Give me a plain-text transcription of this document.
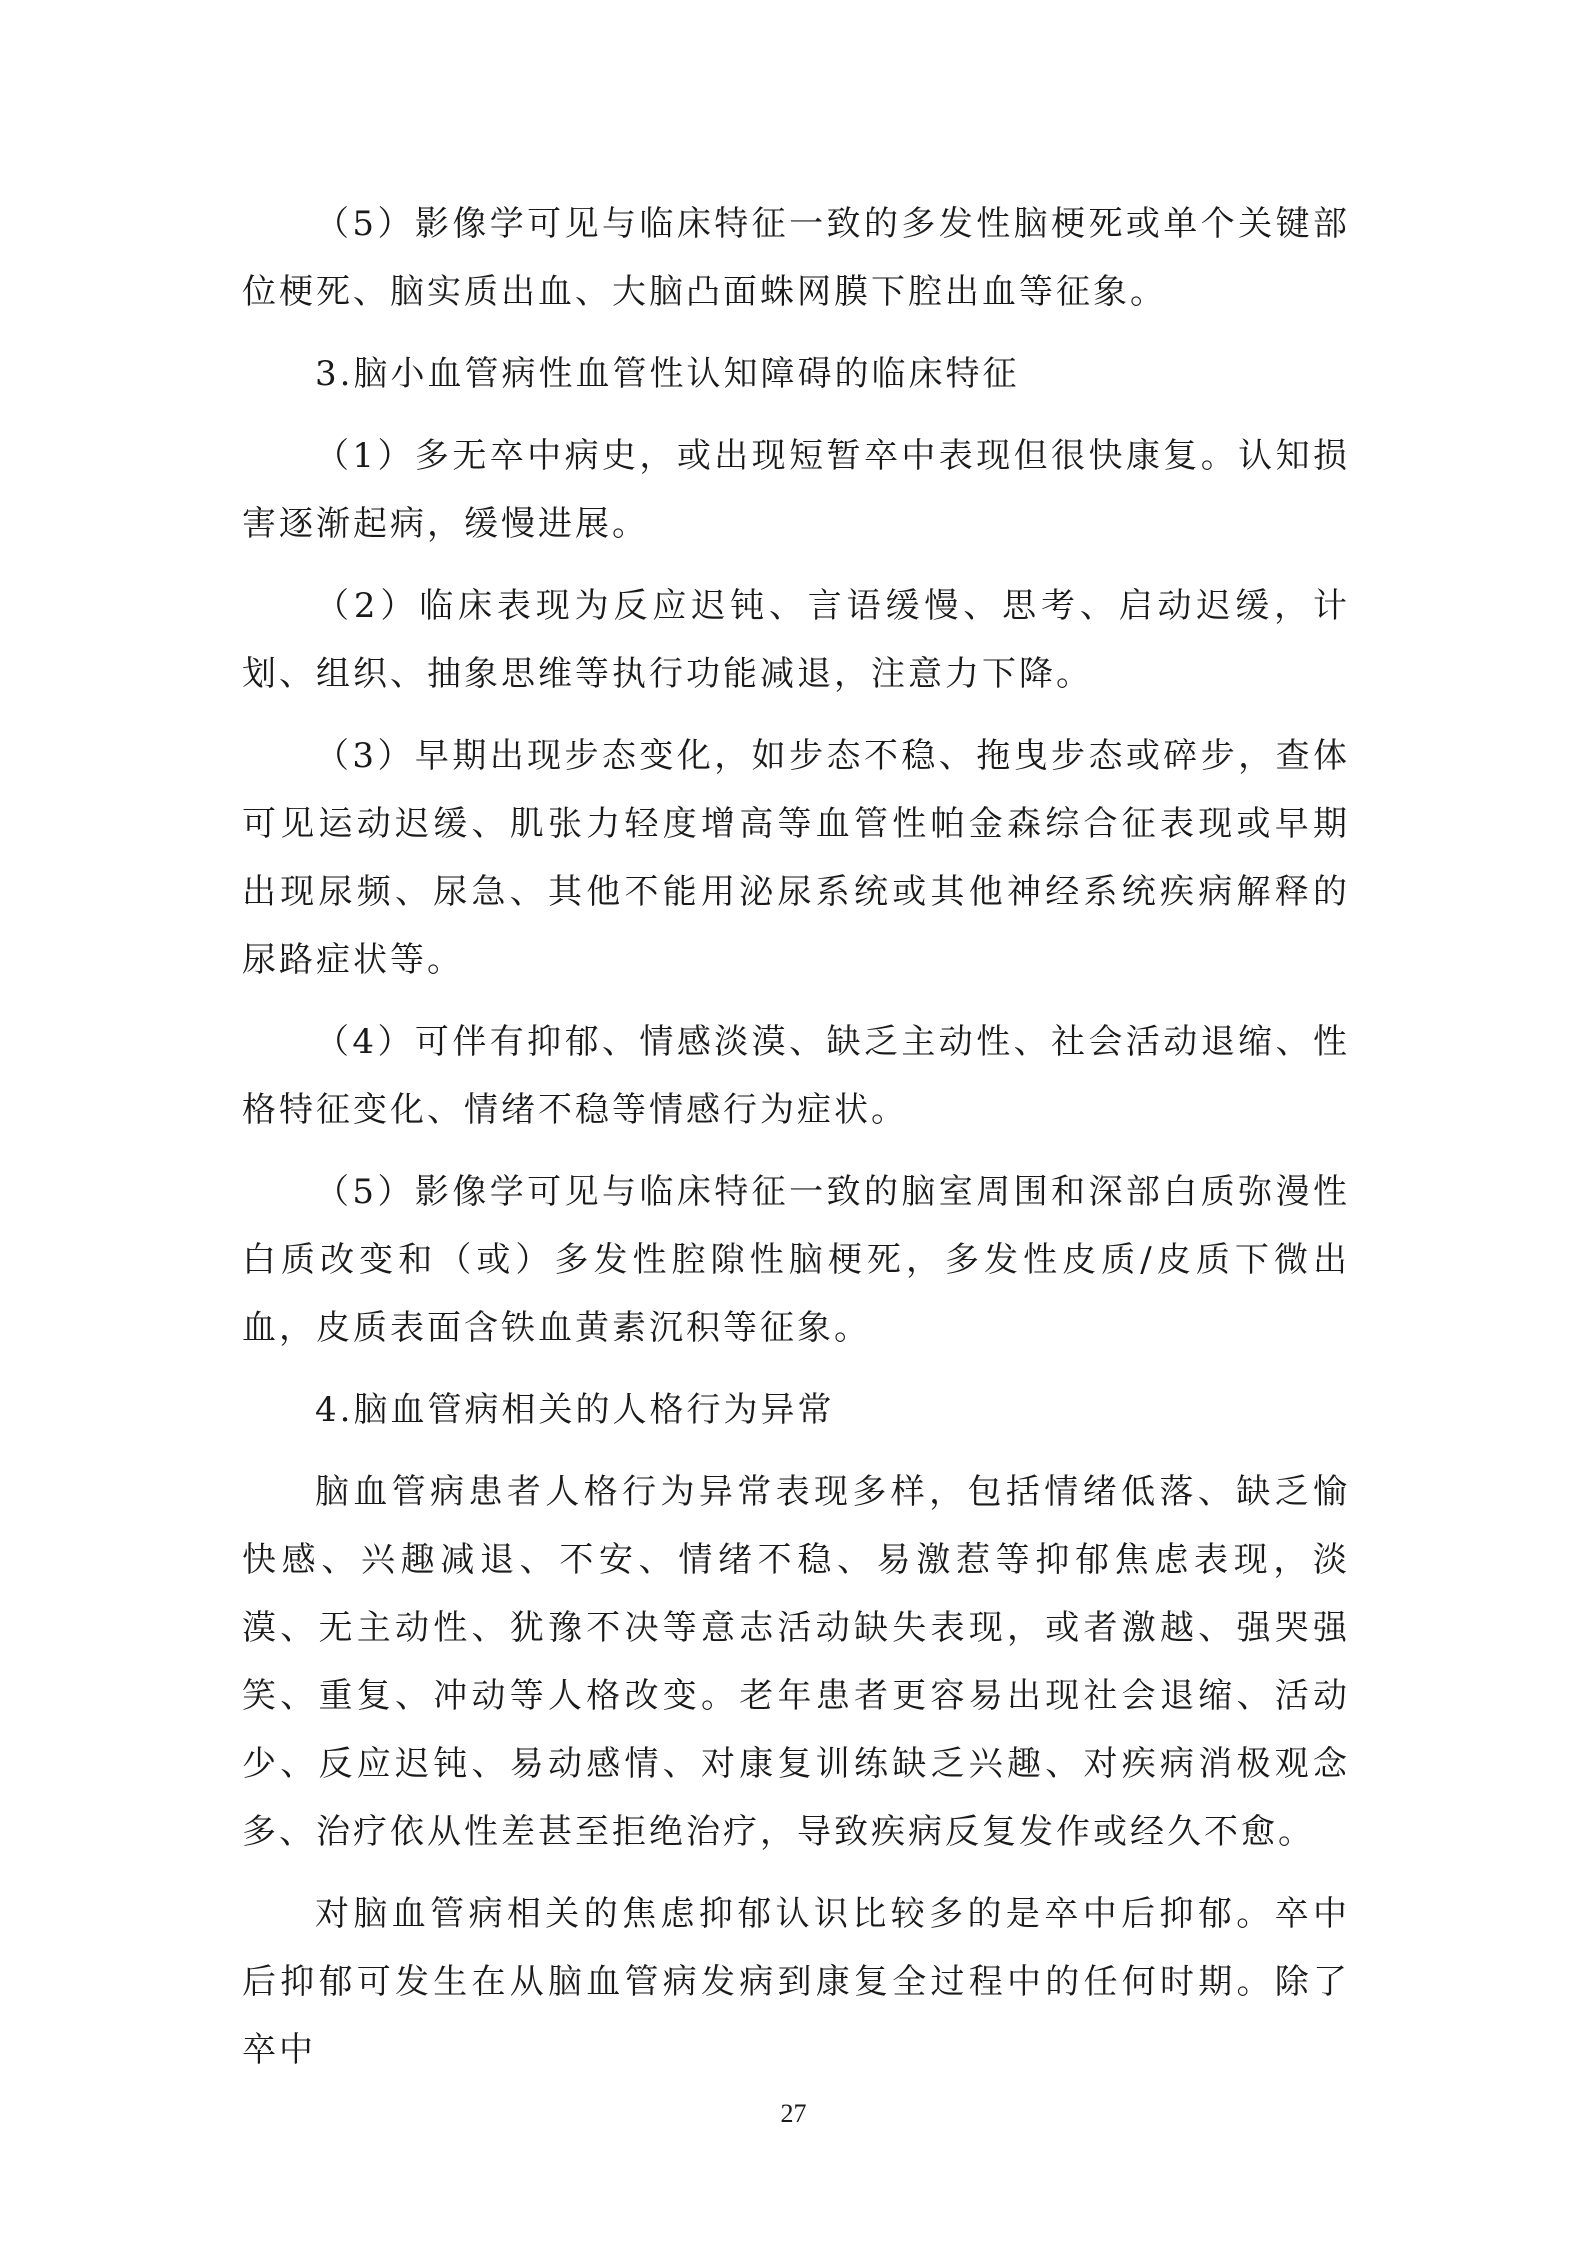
（5）影像学可见与临床特征一致的多发性脑梗死或单个关键部位梗死、脑实质出血、大脑凸面蛛网膜下腔出血等征象。

3.脑小血管病性血管性认知障碍的临床特征

（1）多无卒中病史，或出现短暂卒中表现但很快康复。认知损害逐渐起病，缓慢进展。

（2）临床表现为反应迟钝、言语缓慢、思考、启动迟缓，计划、组织、抽象思维等执行功能减退，注意力下降。

（3）早期出现步态变化，如步态不稳、拖曳步态或碎步，查体可见运动迟缓、肌张力轻度增高等血管性帕金森综合征表现或早期出现尿频、尿急、其他不能用泌尿系统或其他神经系统疾病解释的尿路症状等。

（4）可伴有抑郁、情感淡漠、缺乏主动性、社会活动退缩、性格特征变化、情绪不稳等情感行为症状。

（5）影像学可见与临床特征一致的脑室周围和深部白质弥漫性白质改变和（或）多发性腔隙性脑梗死，多发性皮质/皮质下微出血，皮质表面含铁血黄素沉积等征象。

4.脑血管病相关的人格行为异常

脑血管病患者人格行为异常表现多样，包括情绪低落、缺乏愉快感、兴趣减退、不安、情绪不稳、易激惹等抑郁焦虑表现，淡漠、无主动性、犹豫不决等意志活动缺失表现，或者激越、强哭强笑、重复、冲动等人格改变。老年患者更容易出现社会退缩、活动少、反应迟钝、易动感情、对康复训练缺乏兴趣、对疾病消极观念多、治疗依从性差甚至拒绝治疗，导致疾病反复发作或经久不愈。

对脑血管病相关的焦虑抑郁认识比较多的是卒中后抑郁。卒中后抑郁可发生在从脑血管病发病到康复全过程中的任何时期。除了卒中

27
